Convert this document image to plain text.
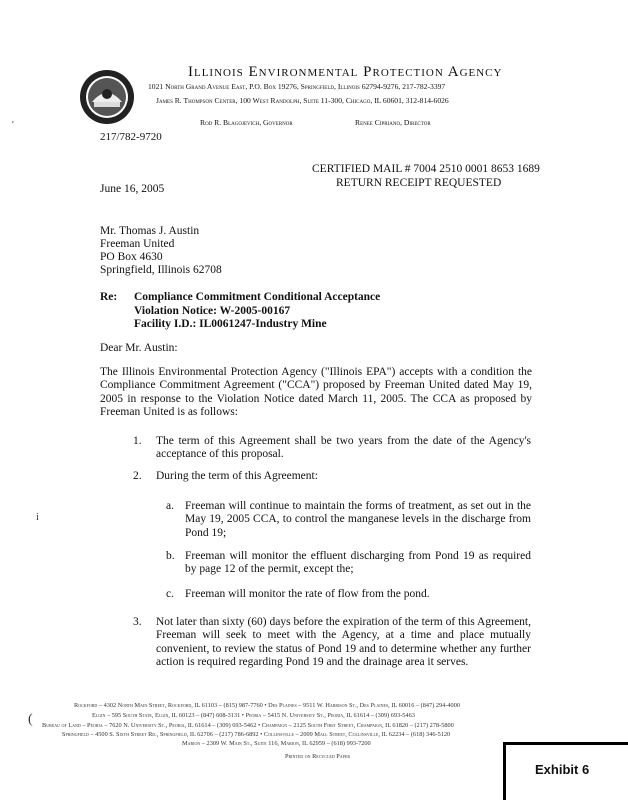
Illinois Environmental Protection Agency
1021 North Grand Avenue East, P.O. Box 19276, Springfield, Illinois 62794-9276, 217-782-3397
James R. Thompson Center, 100 West Randolph, Suite 11-300, Chicago, IL 60601, 312-814-6026
Rod R. Blagojevich, Governor	Renee Cipriano, Director
'
217/782-9720
CERTIFIED MAIL # 7004 2510 0001 8653 1689
RETURN RECEIPT REQUESTED
June 16, 2005
Mr. Thomas J. Austin
Freeman United
PO Box 4630
Springfield, Illinois 62708
Re: Compliance Commitment Conditional Acceptance
Violation Notice: W-2005-00167
Facility I.D.: IL0061247-Industry Mine
Dear Mr. Austin:
The Illinois Environmental Protection Agency ("Illinois EPA") accepts with a condition the Compliance Commitment Agreement ("CCA") proposed by Freeman United dated May 19, 2005 in response to the Violation Notice dated March 11, 2005. The CCA as proposed by Freeman United is as follows:
1. The term of this Agreement shall be two years from the date of the Agency's acceptance of this proposal.
2. During the term of this Agreement:
a. Freeman will continue to maintain the forms of treatment, as set out in the May 19, 2005 CCA, to control the manganese levels in the discharge from Pond 19;
i
b. Freeman will monitor the effluent discharging from Pond 19 as required by page 12 of the permit, except the;
c. Freeman will monitor the rate of flow from the pond.
3. Not later than sixty (60) days before the expiration of the term of this Agreement, Freeman will seek to meet with the Agency, at a time and place mutually convenient, to review the status of Pond 19 and to determine whether any further action is required regarding Pond 19 and the drainage area it serves.
Rockford – 4302 North Main Street, Rockford, IL 61103 – (815) 987-7760 • Des Plaines – 9511 W. Harrison St., Des Plaines, IL 60016 – (847) 294-4000
Elgin – 595 South State, Elgin, IL 60123 – (847) 608-3131 • Peoria – 5415 N. University St., Peoria, IL 61614 – (309) 693-5463
Bureau of Land – Peoria – 7620 N. University St., Peoria, IL 61614 – (309) 693-5462 • Champaign – 2125 South First Street, Champaign, IL 61820 – (217) 278-5800
Springfield – 4500 S. Sixth Street Rd., Springfield, IL 62706 – (217) 786-6892 • Collinsville – 2009 Mall Street, Collinsville, IL 62234 – (618) 346-5120
Marion – 2309 W. Main St., Suite 116, Marion, IL 62959 – (618) 993-7200
Printed on Recycled Paper
(
Exhibit 6
